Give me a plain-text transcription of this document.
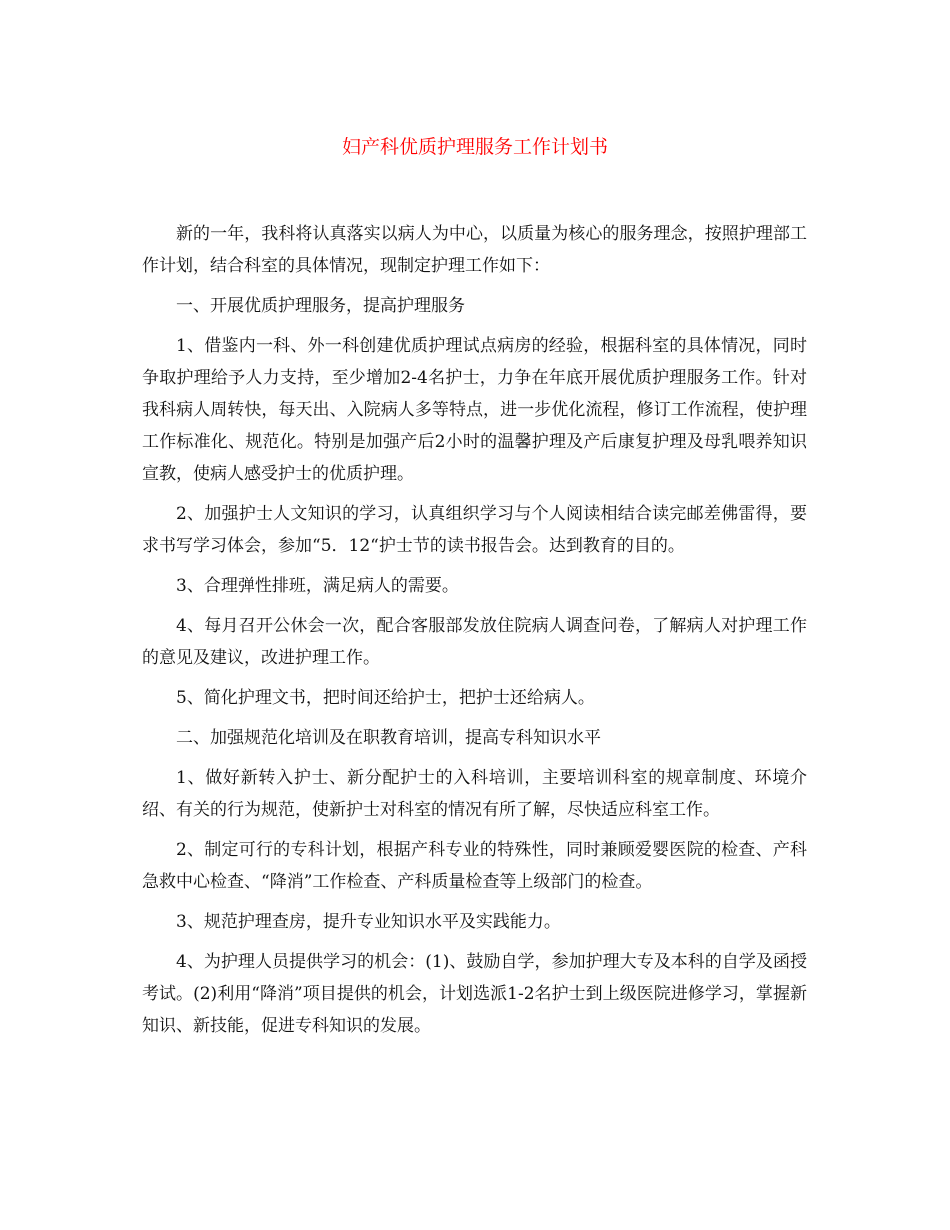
妇产科优质护理服务工作计划书

新的一年，我科将认真落实以病人为中心，以质量为核心的服务理念，按照护理部工作计划，结合科室的具体情况，现制定护理工作如下：

一、开展优质护理服务，提高护理服务

1、借鉴内一科、外一科创建优质护理试点病房的经验，根据科室的具体情况，同时争取护理给予人力支持，至少增加2-4名护士，力争在年底开展优质护理服务工作。针对我科病人周转快，每天出、入院病人多等特点，进一步优化流程，修订工作流程，使护理工作标准化、规范化。特别是加强产后2小时的温馨护理及产后康复护理及母乳喂养知识宣教，使病人感受护士的优质护理。

2、加强护士人文知识的学习，认真组织学习与个人阅读相结合读完邮差佛雷得，要求书写学习体会，参加“5．12“护士节的读书报告会。达到教育的目的。

3、合理弹性排班，满足病人的需要。

4、每月召开公休会一次，配合客服部发放住院病人调查问卷，了解病人对护理工作的意见及建议，改进护理工作。

5、简化护理文书，把时间还给护士，把护士还给病人。

二、加强规范化培训及在职教育培训，提高专科知识水平

1、做好新转入护士、新分配护士的入科培训，主要培训科室的规章制度、环境介绍、有关的行为规范，使新护士对科室的情况有所了解，尽快适应科室工作。

2、制定可行的专科计划，根据产科专业的特殊性，同时兼顾爱婴医院的检查、产科急救中心检查、“降消”工作检查、产科质量检查等上级部门的检查。

3、规范护理查房，提升专业知识水平及实践能力。

4、为护理人员提供学习的机会：(1)、鼓励自学，参加护理大专及本科的自学及函授考试。(2)利用“降消”项目提供的机会，计划选派1-2名护士到上级医院进修学习，掌握新知识、新技能，促进专科知识的发展。
